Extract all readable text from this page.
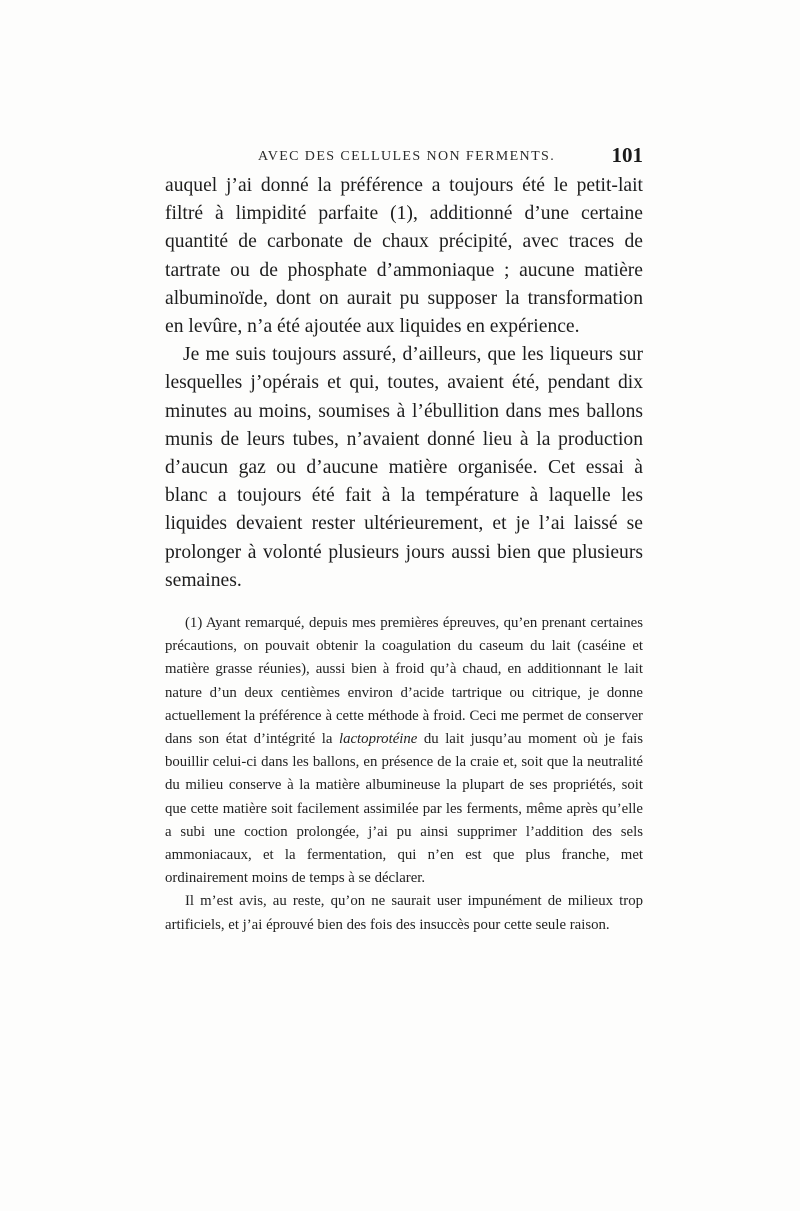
AVEC DES CELLULES NON FERMENTS.	101

auquel j’ai donné la préférence a toujours été le petit-lait filtré à limpidité parfaite (1), additionné d’une certaine quantité de carbonate de chaux précipité, avec traces de tartrate ou de phosphate d’ammoniaque ; aucune matière albuminoïde, dont on aurait pu supposer la transformation en levûre, n’a été ajoutée aux liquides en expérience.

Je me suis toujours assuré, d’ailleurs, que les liqueurs sur lesquelles j’opérais et qui, toutes, avaient été, pendant dix minutes au moins, soumises à l’ébullition dans mes ballons munis de leurs tubes, n’avaient donné lieu à la production d’aucun gaz ou d’aucune matière organisée. Cet essai à blanc a toujours été fait à la température à laquelle les liquides devaient rester ultérieurement, et je l’ai laissé se prolonger à volonté plusieurs jours aussi bien que plusieurs semaines.

(1) Ayant remarqué, depuis mes premières épreuves, qu’en prenant certaines précautions, on pouvait obtenir la coagulation du caseum du lait (caséine et matière grasse réunies), aussi bien à froid qu’à chaud, en additionnant le lait nature d’un deux centièmes environ d’acide tartrique ou citrique, je donne actuellement la préférence à cette méthode à froid. Ceci me permet de conserver dans son état d’intégrité la lactoprotéine du lait jusqu’au moment où je fais bouillir celui-ci dans les ballons, en présence de la craie et, soit que la neutralité du milieu conserve à la matière albumineuse la plupart de ses propriétés, soit que cette matière soit facilement assimilée par les ferments, même après qu’elle a subi une coction prolongée, j’ai pu ainsi supprimer l’addition des sels ammoniacaux, et la fermentation, qui n’en est que plus franche, met ordinairement moins de temps à se déclarer.

Il m’est avis, au reste, qu’on ne saurait user impunément de milieux trop artificiels, et j’ai éprouvé bien des fois des insuccès pour cette seule raison.
